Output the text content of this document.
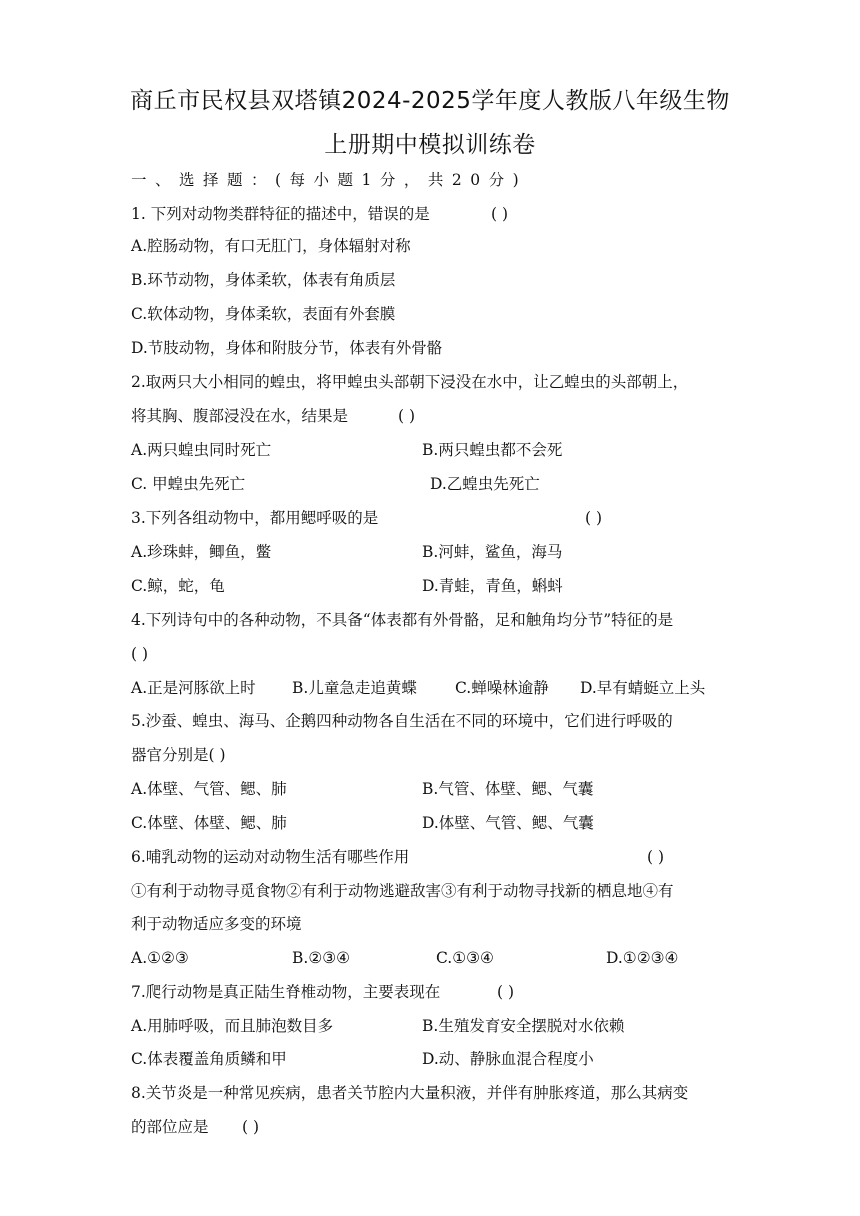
商丘市民权县双塔镇2024-2025学年度人教版八年级生物
上册期中模拟训练卷
一、选择题：(每小题1分，共20分)
1. 下列对动物类群特征的描述中，错误的是	( )
A.腔肠动物，有口无肛门，身体辐射对称
B.环节动物，身体柔软，体表有角质层
C.软体动物，身体柔软，表面有外套膜
D.节肢动物，身体和附肢分节，体表有外骨骼
2.取两只大小相同的蝗虫，将甲蝗虫头部朝下浸没在水中，让乙蝗虫的头部朝上，
将其胸、腹部浸没在水，结果是	( )
A.两只蝗虫同时死亡	B.两只蝗虫都不会死
C. 甲蝗虫先死亡	D.乙蝗虫先死亡
3.下列各组动物中，都用鳃呼吸的是	( )
A.珍珠蚌，鲫鱼，鳖	B.河蚌，鲨鱼，海马
C.鲸，蛇，龟	D.青蛙，青鱼，蝌蚪
4.下列诗句中的各种动物，不具备“体表都有外骨骼，足和触角均分节”特征的是
( )
A.正是河豚欲上时 B.儿童急走追黄蝶 C.蝉噪林逾静 D.早有蜻蜓立上头
5.沙蚕、蝗虫、海马、企鹅四种动物各自生活在不同的环境中，它们进行呼吸的
器官分别是( )
A.体壁、气管、鳃、肺	B.气管、体壁、鳃、气囊
C.体壁、体壁、鳃、肺	D.体壁、气管、鳃、气囊
6.哺乳动物的运动对动物生活有哪些作用	( )
①有利于动物寻觅食物②有利于动物逃避敌害③有利于动物寻找新的栖息地④有
利于动物适应多变的环境
A.①②③	B.②③④	C.①③④	D.①②③④
7.爬行动物是真正陆生脊椎动物，主要表现在	( )
A.用肺呼吸，而且肺泡数目多	B.生殖发育安全摆脱对水依赖
C.体表覆盖角质鳞和甲	D.动、静脉血混合程度小
8.关节炎是一种常见疾病，患者关节腔内大量积液，并伴有肿胀疼道，那么其病变
的部位应是 ( )
